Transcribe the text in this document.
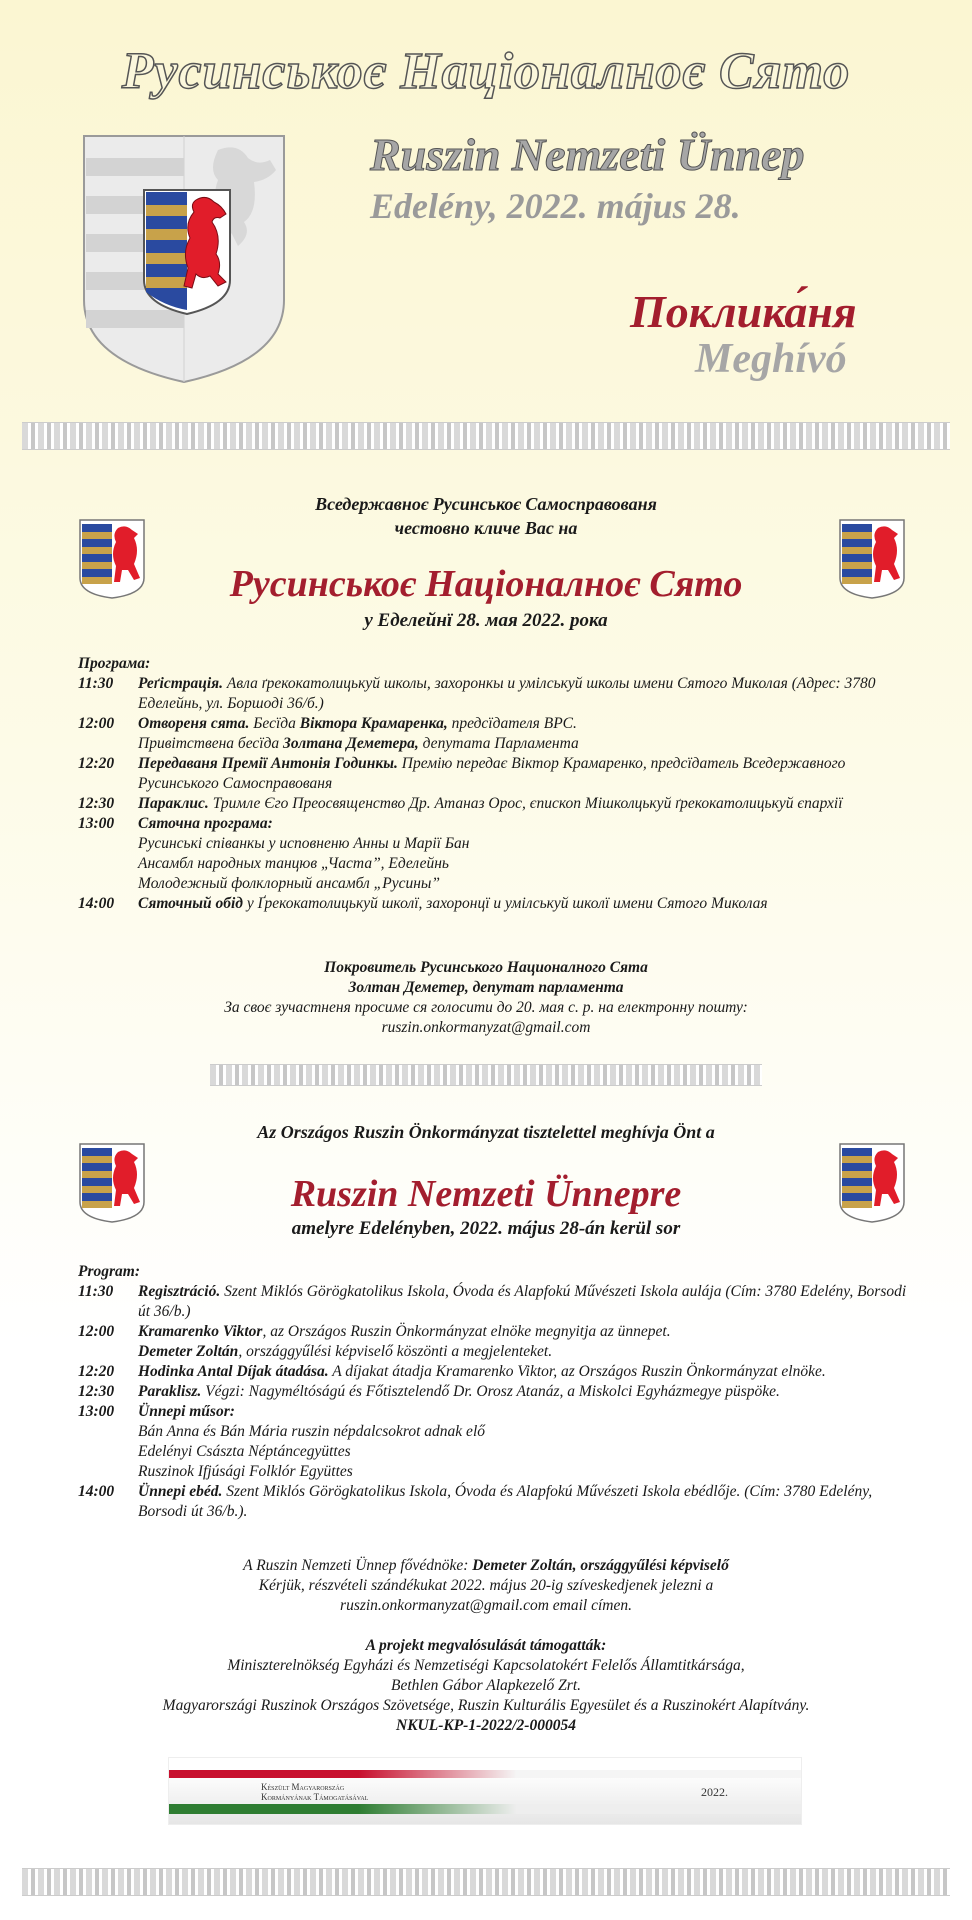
Русинськоє Націоналноє Сято
Ruszin Nemzeti Ünnep
Edelény, 2022. május 28.
Поклика́ня
Meghívó
Вседержавноє Русинськоє Самосправованя
честовно кличе Вас на
Русинськоє Націоналноє Сято
у Еделейнї 28. мая 2022. рока
Програма:
11:30	Реґістрація. Авла ґрекокатолицькуй школы, захоронкы и умілськуй школы имени Сятого Миколая (Адрес: 3780 Еделейнь, ул. Боршоді 36/б.)
12:00	Отвореня сята. Бесїда Віктора Крамаренка, предсїдателя ВРС.
Привітствена бесїда Золтана Деметера, депутата Парламента
12:20	Передаваня Премії Антонія Годинкы. Премію передає Віктор Крамаренко, предсїдатель Вседержавного Русинського Самосправованя
12:30	Параклис. Тримле Єго Преосвященство Др. Атаназ Орос, єпископ Мішколцькуй ґрекокатолицькуй єпархії
13:00	Сяточна програма:
Русинські співанкы у исповненю Анны и Марії Бан
Ансамбл народных танцюв „Часта”, Еделейнь
Молодежный фолклорный ансамбл „Русины”
14:00	Сяточный обід у Ґрекокатолицькуй школї, захоронцї и умілськуй школї имени Сятого Миколая
Покровитель Русинського Националного Сята
Золтан Деметер, депутат парламента
За своє зучастненя просиме ся голосити до 20. мая с. р. на електронну пошту:
ruszin.onkormanyzat@gmail.com
Az Országos Ruszin Önkormányzat tisztelettel meghívja Önt a
Ruszin Nemzeti Ünnepre
amelyre Edelényben, 2022. május 28-án kerül sor
Program:
11:30	Regisztráció. Szent Miklós Görögkatolikus Iskola, Óvoda és Alapfokú Művészeti Iskola aulája (Cím: 3780 Edelény, Borsodi út 36/b.)
12:00	Kramarenko Viktor, az Országos Ruszin Önkormányzat elnöke megnyitja az ünnepet.
Demeter Zoltán, országgyűlési képviselő köszönti a megjelenteket.
12:20	Hodinka Antal Díjak átadása. A díjakat átadja Kramarenko Viktor, az Országos Ruszin Önkormányzat elnöke.
12:30	Paraklisz. Végzi: Nagyméltóságú és Főtisztelendő Dr. Orosz Atanáz, a Miskolci Egyházmegye püspöke.
13:00	Ünnepi műsor:
Bán Anna és Bán Mária ruszin népdalcsokrot adnak elő
Edelényi Császta Néptáncegyüttes
Ruszinok Ifjúsági Folklór Együttes
14:00	Ünnepi ebéd. Szent Miklós Görögkatolikus Iskola, Óvoda és Alapfokú Művészeti Iskola ebédlője. (Cím: 3780 Edelény, Borsodi út 36/b.).
A Ruszin Nemzeti Ünnep fővédnöke: Demeter Zoltán, országgyűlési képviselő
Kérjük, részvételi szándékukat 2022. május 20-ig szíveskedjenek jelezni a
ruszin.onkormanyzat@gmail.com email címen.
A projekt megvalósulását támogatták:
Miniszterelnökség Egyházi és Nemzetiségi Kapcsolatokért Felelős Államtitkársága,
Bethlen Gábor Alapkezelő Zrt.
Magyarországi Ruszinok Országos Szövetsége, Ruszin Kulturális Egyesület és a Ruszinokért Alapítvány.
NKUL-KP-1-2022/2-000054
Készült Magyarország
Kormányának Támogatásával	2022.
